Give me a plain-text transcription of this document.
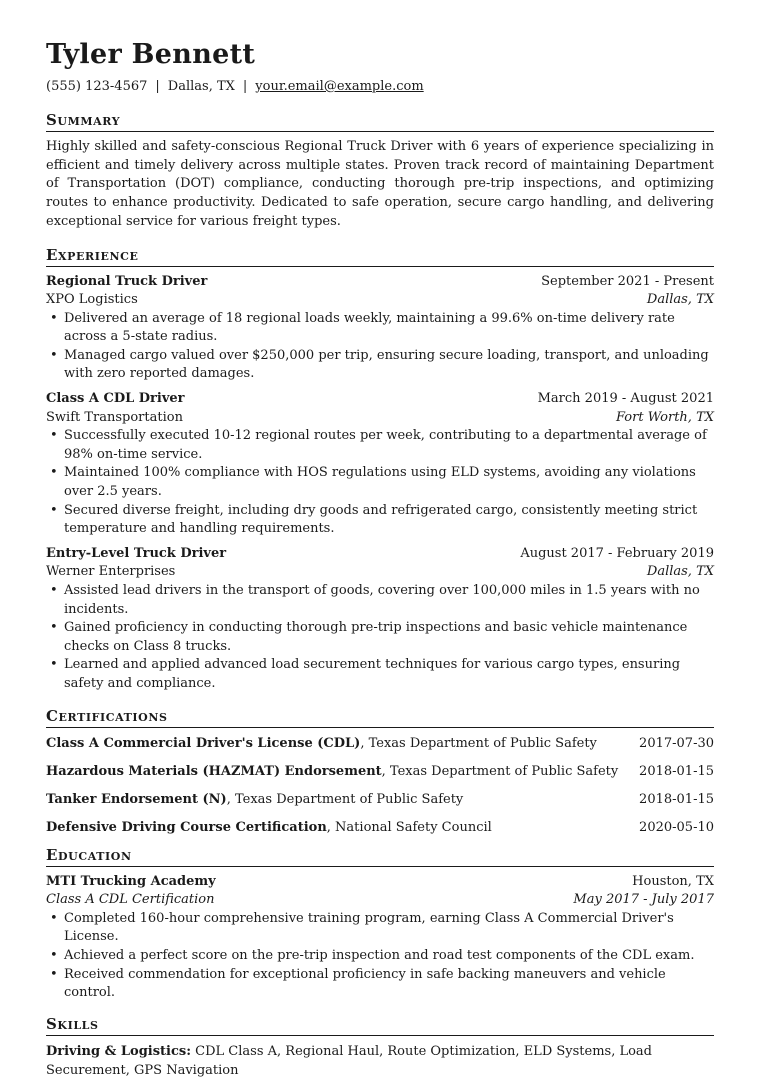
Tyler Bennett
(555) 123-4567 | Dallas, TX | your.email@example.com
Summary
Highly skilled and safety-conscious Regional Truck Driver with 6 years of experience specializing in efficient and timely delivery across multiple states. Proven track record of maintaining Department of Transportation (DOT) compliance, conducting thorough pre-trip inspections, and optimizing routes to enhance productivity. Dedicated to safe operation, secure cargo handling, and delivering exceptional service for various freight types.
Experience
Regional Truck Driver	September 2021 - Present
XPO Logistics	Dallas, TX
• Delivered an average of 18 regional loads weekly, maintaining a 99.6% on-time delivery rate across a 5-state radius.
• Managed cargo valued over $250,000 per trip, ensuring secure loading, transport, and unloading with zero reported damages.
Class A CDL Driver	March 2019 - August 2021
Swift Transportation	Fort Worth, TX
• Successfully executed 10-12 regional routes per week, contributing to a departmental average of 98% on-time service.
• Maintained 100% compliance with HOS regulations using ELD systems, avoiding any violations over 2.5 years.
• Secured diverse freight, including dry goods and refrigerated cargo, consistently meeting strict temperature and handling requirements.
Entry-Level Truck Driver	August 2017 - February 2019
Werner Enterprises	Dallas, TX
• Assisted lead drivers in the transport of goods, covering over 100,000 miles in 1.5 years with no incidents.
• Gained proficiency in conducting thorough pre-trip inspections and basic vehicle maintenance checks on Class 8 trucks.
• Learned and applied advanced load securement techniques for various cargo types, ensuring safety and compliance.
Certifications
Class A Commercial Driver's License (CDL), Texas Department of Public Safety	2017-07-30
Hazardous Materials (HAZMAT) Endorsement, Texas Department of Public Safety 2018-01-15
Tanker Endorsement (N), Texas Department of Public Safety	2018-01-15
Defensive Driving Course Certification, National Safety Council	2020-05-10
Education
MTI Trucking Academy	Houston, TX
Class A CDL Certification	May 2017 - July 2017
• Completed 160-hour comprehensive training program, earning Class A Commercial Driver's License.
• Achieved a perfect score on the pre-trip inspection and road test components of the CDL exam.
• Received commendation for exceptional proficiency in safe backing maneuvers and vehicle control.
Skills
Driving & Logistics: CDL Class A, Regional Haul, Route Optimization, ELD Systems, Load Securement, GPS Navigation
